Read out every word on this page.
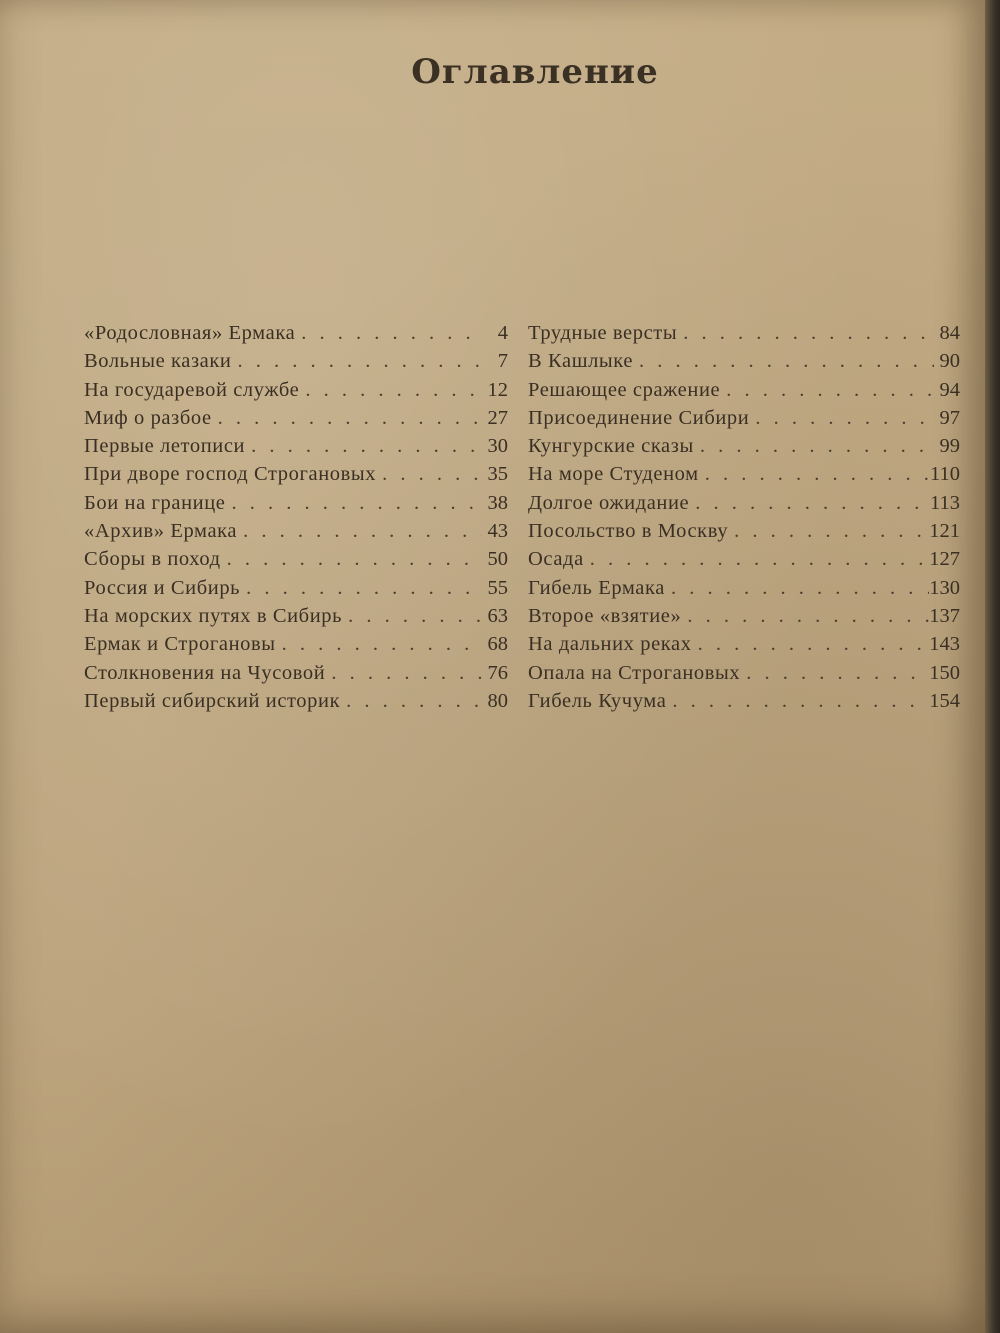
Оглавление
«Родословная» Ермака . . .	4
Вольные казаки . . .	7
На государевой службе . . .	12
Миф о разбое . . .	27
Первые летописи . . .	30
При дворе господ Строгановых . . .	35
Бои на границе . . .	38
«Архив» Ермака . . .	43
Сборы в поход . . .	50
Россия и Сибирь . . .	55
На морских путях в Сибирь . . .	63
Ермак и Строгановы . . .	68
Столкновения на Чусовой . . .	76
Первый сибирский историк . . .	80
Трудные версты . . .	84
В Кашлыке . . .	90
Решающее сражение . . .	94
Присоединение Сибири . . .	97
Кунгурские сказы . . .	99
На море Студеном . . .	110
Долгое ожидание . . .	113
Посольство в Москву . . .	121
Осада . . .	127
Гибель Ермака . . .	130
Второе «взятие» . . .	137
На дальних реках . . .	143
Опала на Строгановых . . .	150
Гибель Кучума . . .	154
